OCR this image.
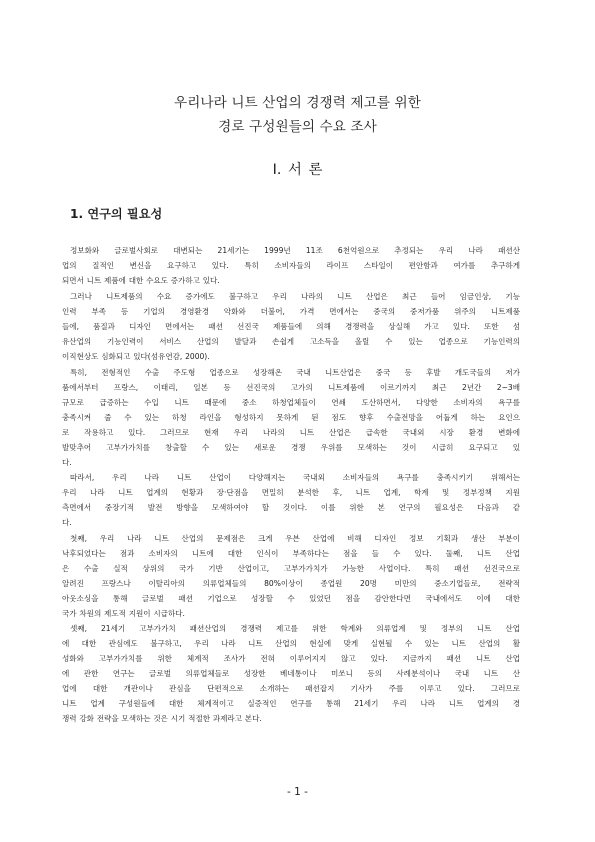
우리나라 니트 산업의 경쟁력 제고를 위한
경로 구성원들의 수요 조사
Ⅰ. 서 론
1. 연구의 필요성
정보화와 글로벌사회로 대변되는 21세기는 1999년 11조 6천억원으로 추정되는 우리 나라 패션산
업의 질적인 변신을 요구하고 있다. 특히 소비자들의 라이프 스타일이 편안함과 여가를 추구하게
되면서 니트 제품에 대한 수요도 증가하고 있다.
그러나 니트제품의 수요 증가에도 불구하고 우리 나라의 니트 산업은 최근 들어 임금인상, 기능
인력 부족 등 기업의 경영환경 악화와 더불어, 가격 면에서는 중국의 중저가품 위주의 니트제품
들에, 품질과 디자인 면에서는 패션 선진국 제품들에 의해 경쟁력을 상실해 가고 있다. 또한 섬
유산업의 기능인력이 서비스 산업의 발달과 손쉽게 고소득을 올릴 수 있는 업종으로 기능인력의
이직현상도 심화되고 있다(섬유연감, 2000).
특히, 전형적인 수출 주도형 업종으로 성장해온 국내 니트산업은 중국 등 후발 개도국들의 저가
품에서부터 프랑스, 이태리, 일본 등 선진국의 고가의 니트제품에 이르기까지 최근 2년간 2~3배
규모로 급증하는 수입 니트 때문에 중소 하청업체들이 연쇄 도산하면서, 다양한 소비자의 욕구를
충족시켜 줄 수 있는 하청 라인을 형성하지 못하게 된 점도 향후 수출전망을 어둡게 하는 요인으
로 작용하고 있다. 그러므로 현재 우리 나라의 니트 산업은 급속한 국내외 시장 환경 변화에
발맞추어 고부가가치를 창출할 수 있는 새로운 경쟁 우위를 모색하는 것이 시급히 요구되고 있
다.
따라서, 우리 나라 니트 산업이 다양해지는 국내외 소비자들의 욕구를 충족시키기 위해서는
우리 나라 니트 업계의 현황과 장·단점을 면밀히 분석한 후, 니트 업계, 학계 및 정부정책 지원
측면에서 중장기적 발전 방향을 모색하여야 할 것이다. 이를 위한 본 연구의 필요성은 다음과 같
다.
첫째, 우리 나라 니트 산업의 문제점은 크게 우븐 산업에 비해 디자인 정보 기획과 생산 부분이
낙후되었다는 점과 소비자의 니트에 대한 인식이 부족하다는 점을 들 수 있다. 둘째, 니트 산업
은 수출 실적 상위의 국가 기반 산업이고, 고부가가치가 가능한 사업이다. 특히 패션 선진국으로
알려진 프랑스나 이탈리아의 의류업체들의 80%이상이 종업원 20명 미만의 중소기업들로, 전략적
아웃소싱을 통해 글로벌 패션 기업으로 성장할 수 있었던 점을 감안한다면 국내에서도 이에 대한
국가 차원의 제도적 지원이 시급하다.
셋째, 21세기 고부가가치 패션산업의 경쟁력 제고를 위한 학계와 의류업계 및 정부의 니트 산업
에 대한 관심에도 불구하고, 우리 나라 니트 산업의 현실에 맞게 실현될 수 있는 니트 산업의 활
성화와 고부가가치를 위한 체계적 조사가 전혀 이루어지지 않고 있다. 지금까지 패션 니트 산업
에 관한 연구는 글로벌 의류업체들로 성장한 베네통이나 미쏘니 등의 사례분석이나 국내 니트 산
업에 대한 개관이나 관심을 단편적으로 소개하는 패션잡지 기사가 주를 이루고 있다. 그러므로
니트 업계 구성원들에 대한 체계적이고 실증적인 연구를 통해 21세기 우리 나라 니트 업계의 경
쟁력 강화 전략을 모색하는 것은 시기 적절한 과제라고 본다.
- 1 -
